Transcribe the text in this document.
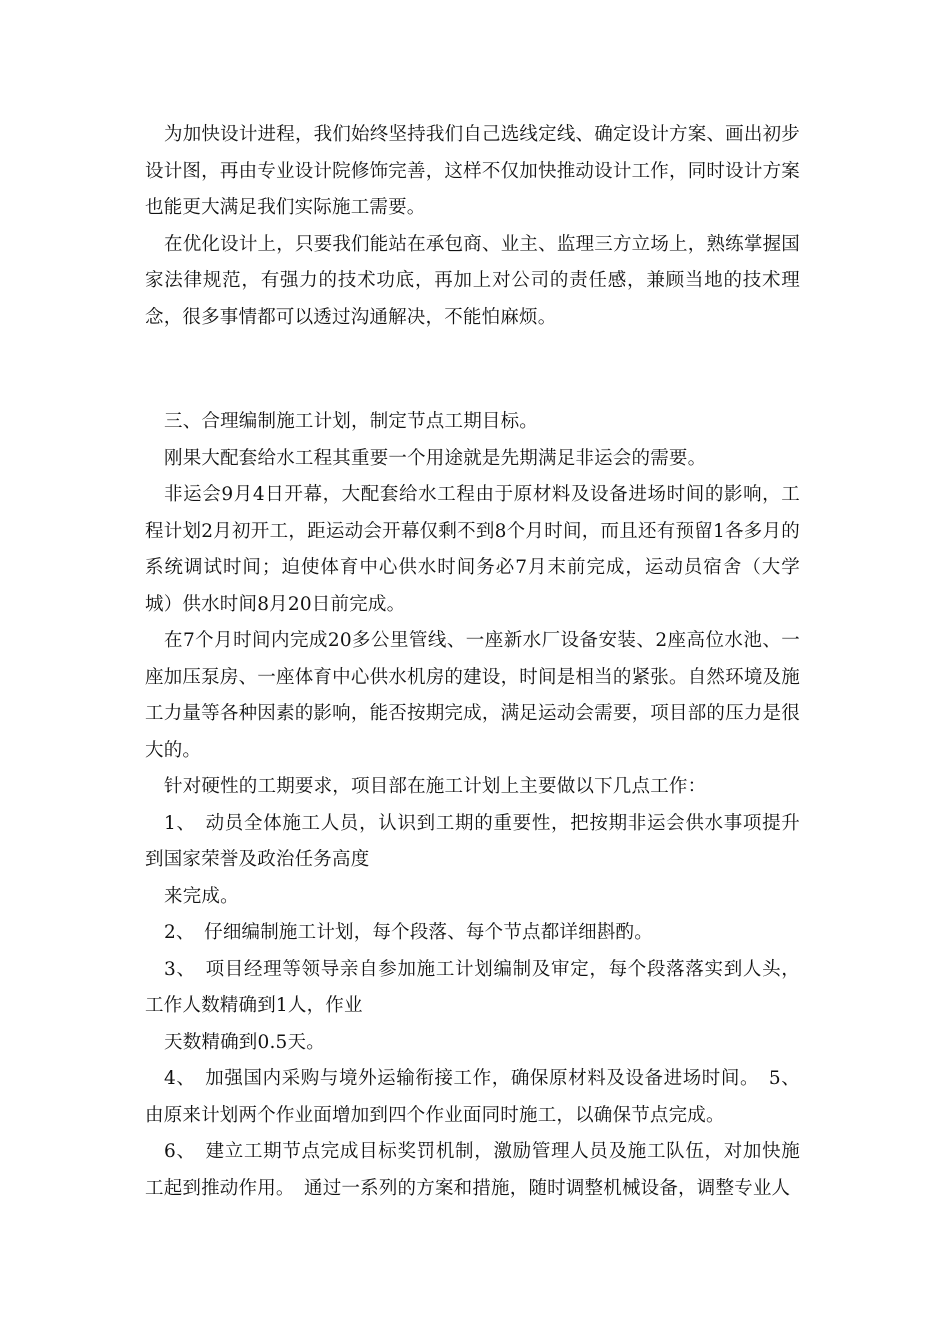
为加快设计进程，我们始终坚持我们自己选线定线、确定设计方案、画出初步设计图，再由专业设计院修饰完善，这样不仅加快推动设计工作，同时设计方案也能更大满足我们实际施工需要。

在优化设计上，只要我们能站在承包商、业主、监理三方立场上，熟练掌握国家法律规范，有强力的技术功底，再加上对公司的责任感，兼顾当地的技术理念，很多事情都可以透过沟通解决，不能怕麻烦。

三、合理编制施工计划，制定节点工期目标。

刚果大配套给水工程其重要一个用途就是先期满足非运会的需要。

非运会9月4日开幕，大配套给水工程由于原材料及设备进场时间的影响，工程计划2月初开工，距运动会开幕仅剩不到8个月时间，而且还有预留1各多月的系统调试时间；迫使体育中心供水时间务必7月末前完成，运动员宿舍（大学城）供水时间8月20日前完成。

在7个月时间内完成20多公里管线、一座新水厂设备安装、2座高位水池、一座加压泵房、一座体育中心供水机房的建设，时间是相当的紧张。自然环境及施工力量等各种因素的影响，能否按期完成，满足运动会需要，项目部的压力是很大的。

针对硬性的工期要求，项目部在施工计划上主要做以下几点工作：

1、　动员全体施工人员，认识到工期的重要性，把按期非运会供水事项提升到国家荣誉及政治任务高度

来完成。

2、　仔细编制施工计划，每个段落、每个节点都详细斟酌。

3、　项目经理等领导亲自参加施工计划编制及审定，每个段落落实到人头，工作人数精确到1人，作业

天数精确到0.5天。

4、　加强国内采购与境外运输衔接工作，确保原材料及设备进场时间。　5、由原来计划两个作业面增加到四个作业面同时施工，以确保节点完成。

6、　建立工期节点完成目标奖罚机制，激励管理人员及施工队伍，对加快施工起到推动作用。　通过一系列的方案和措施，随时调整机械设备，调整专业人
